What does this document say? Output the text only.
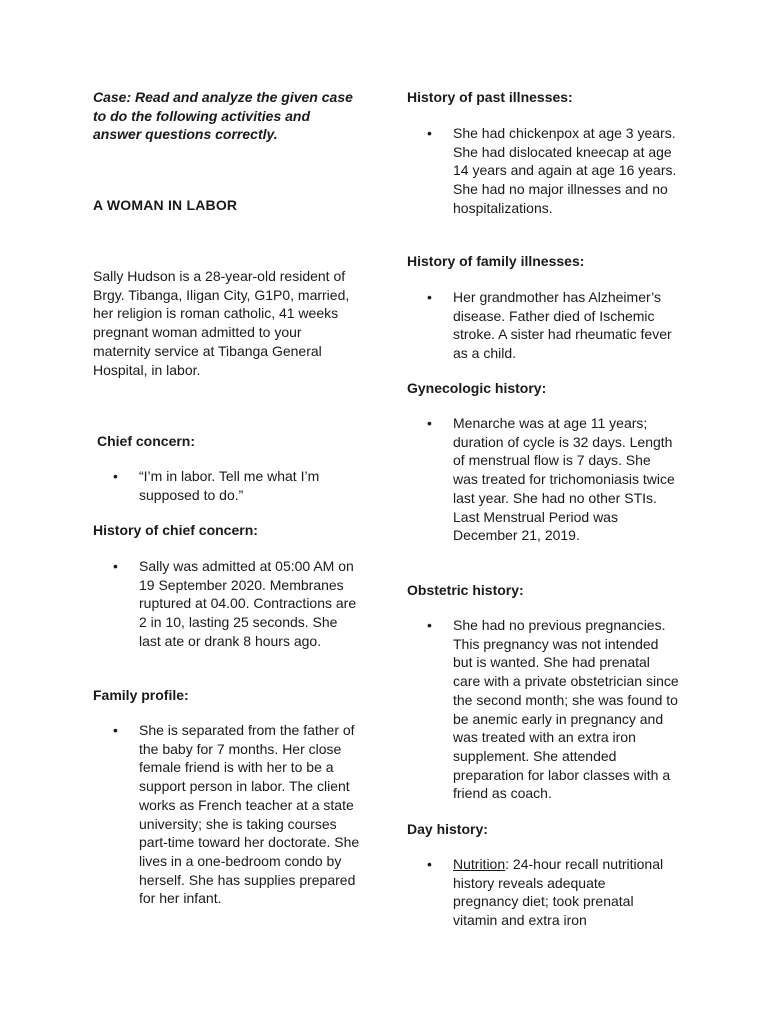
Case: Read and analyze the given case to do the following activities and answer questions correctly.

A WOMAN IN LABOR

Sally Hudson is a 28-year-old resident of Brgy. Tibanga, Iligan City, G1P0, married, her religion is roman catholic, 41 weeks pregnant woman admitted to your maternity service at Tibanga General Hospital, in labor.

Chief concern:

•	“I’m in labor. Tell me what I’m supposed to do.”

History of chief concern:

•	Sally was admitted at 05:00 AM on 19 September 2020. Membranes ruptured at 04.00. Contractions are 2 in 10, lasting 25 seconds. She last ate or drank 8 hours ago.

Family profile:

•	She is separated from the father of the baby for 7 months. Her close female friend is with her to be a support person in labor. The client works as French teacher at a state university; she is taking courses part-time toward her doctorate. She lives in a one-bedroom condo by herself. She has supplies prepared for her infant.

History of past illnesses:

•	She had chickenpox at age 3 years. She had dislocated kneecap at age 14 years and again at age 16 years. She had no major illnesses and no hospitalizations.

History of family illnesses:

•	Her grandmother has Alzheimer’s disease. Father died of Ischemic stroke. A sister had rheumatic fever as a child.

Gynecologic history:

•	Menarche was at age 11 years; duration of cycle is 32 days. Length of menstrual flow is 7 days. She was treated for trichomoniasis twice last year. She had no other STIs. Last Menstrual Period was December 21, 2019.

Obstetric history:

•	She had no previous pregnancies. This pregnancy was not intended but is wanted. She had prenatal care with a private obstetrician since the second month; she was found to be anemic early in pregnancy and was treated with an extra iron supplement. She attended preparation for labor classes with a friend as coach.

Day history:

•	Nutrition: 24-hour recall nutritional history reveals adequate pregnancy diet; took prenatal vitamin and extra iron
